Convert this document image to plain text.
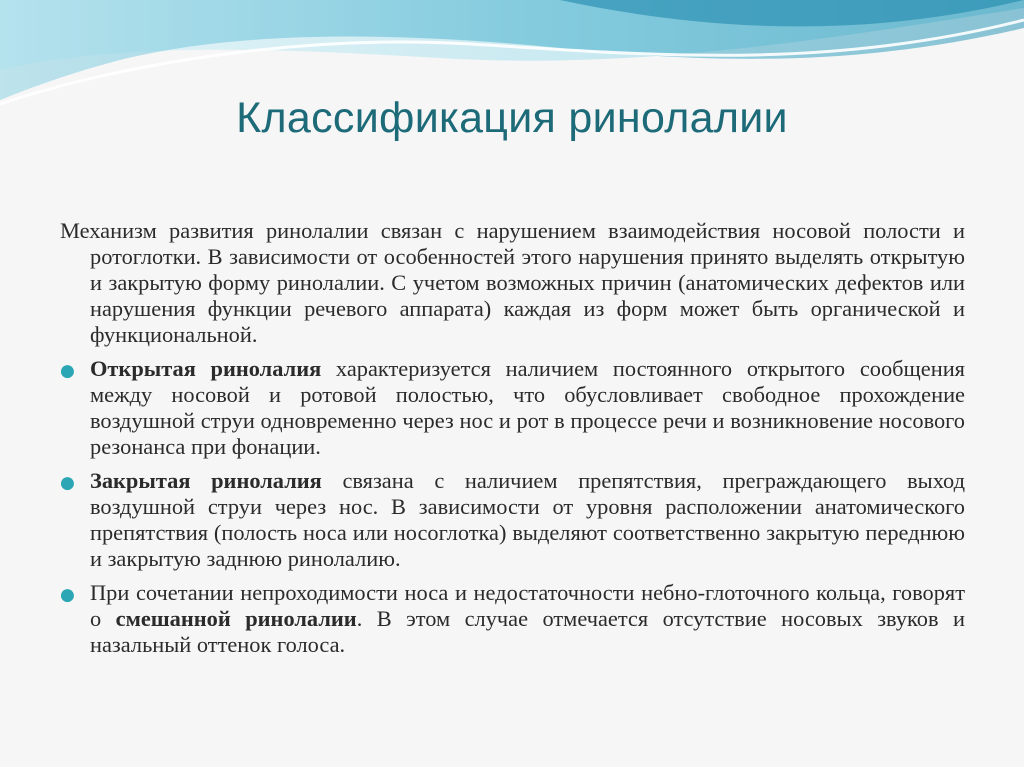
Классификация ринолалии

Механизм развития ринолалии связан с нарушением взаимодействия носовой полости и ротоглотки. В зависимости от особенностей этого нарушения принято выделять открытую и закрытую форму ринолалии. С учетом возможных причин (анатомических дефектов или нарушения функции речевого аппарата) каждая из форм может быть органической и функциональной.

● Открытая ринолалия характеризуется наличием постоянного открытого сообщения между носовой и ротовой полостью, что обусловливает свободное прохождение воздушной струи одновременно через нос и рот в процессе речи и возникновение носового резонанса при фонации.
● Закрытая ринолалия связана с наличием препятствия, преграждающего выход воздушной струи через нос. В зависимости от уровня расположении анатомического препятствия (полость носа или носоглотка) выделяют соответственно закрытую переднюю и закрытую заднюю ринолалию.
● При сочетании непроходимости носа и недостаточности небно-глоточного кольца, говорят о смешанной ринолалии. В этом случае отмечается отсутствие носовых звуков и назальный оттенок голоса.
